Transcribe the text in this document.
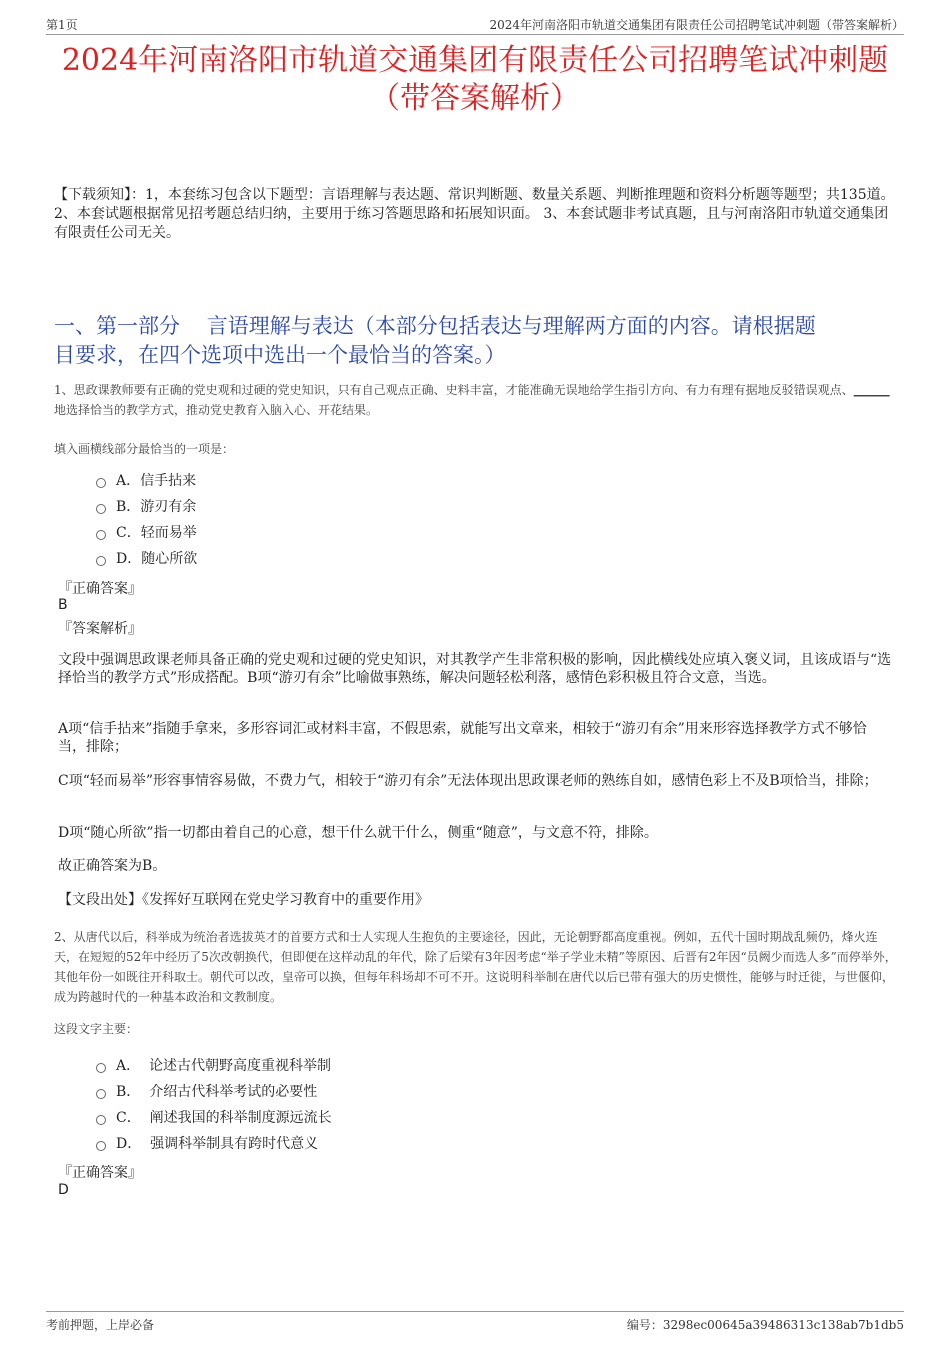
第1页	2024年河南洛阳市轨道交通集团有限责任公司招聘笔试冲刺题（带答案解析）
2024年河南洛阳市轨道交通集团有限责任公司招聘笔试冲刺题
（带答案解析）
【下载须知】：1，本套练习包含以下题型：言语理解与表达题、常识判断题、数量关系题、判断推理题和资料分析题等题型；共135道。 2、本套试题根据常见招考题总结归纳，主要用于练习答题思路和拓展知识面。 3、本套试题非考试真题，且与河南洛阳市轨道交通集团有限责任公司无关。
一、第一部分    言语理解与表达（本部分包括表达与理解两方面的内容。请根据题
目要求，在四个选项中选出一个最恰当的答案。）
1、思政课教师要有正确的党史观和过硬的党史知识，只有自己观点正确、史料丰富，才能准确无误地给学生指引方向、有力有理有据地反驳错误观点、______地选择恰当的教学方式，推动党史教育入脑入心、开花结果。
填入画横线部分最恰当的一项是：
A．信手拈来
B．游刃有余
C．轻而易举
D．随心所欲
『正确答案』
B
『答案解析』
文段中强调思政课老师具备正确的党史观和过硬的党史知识，对其教学产生非常积极的影响，因此横线处应填入褒义词，且该成语与“选择恰当的教学方式”形成搭配。B项“游刃有余”比喻做事熟练，解决问题轻松利落，感情色彩积极且符合文意，当选。
A项“信手拈来”指随手拿来，多形容词汇或材料丰富，不假思索，就能写出文章来，相较于“游刃有余”用来形容选择教学方式不够恰当，排除；
C项“轻而易举”形容事情容易做，不费力气，相较于“游刃有余”无法体现出思政课老师的熟练自如，感情色彩上不及B项恰当，排除；
D项“随心所欲”指一切都由着自己的心意，想干什么就干什么，侧重“随意”，与文意不符，排除。
故正确答案为B。
【文段出处】《发挥好互联网在党史学习教育中的重要作用》
2、从唐代以后，科举成为统治者选拔英才的首要方式和士人实现人生抱负的主要途径，因此，无论朝野都高度重视。例如，五代十国时期战乱频仍，烽火连天，在短短的52年中经历了5次改朝换代，但即便在这样动乱的年代，除了后梁有3年因考虑“举子学业未精”等原因、后晋有2年因“员阙少而选人多”而停举外，其他年份一如既往开科取士。朝代可以改，皇帝可以换，但每年科场却不可不开。这说明科举制在唐代以后已带有强大的历史惯性，能够与时迁徙，与世偃仰，成为跨越时代的一种基本政治和文教制度。
这段文字主要：
A．  论述古代朝野高度重视科举制
B．  介绍古代科举考试的必要性
C．  阐述我国的科举制度源远流长
D．  强调科举制具有跨时代意义
『正确答案』
D
考前押题，上岸必备	编号：3298ec00645a39486313c138ab7b1db5
